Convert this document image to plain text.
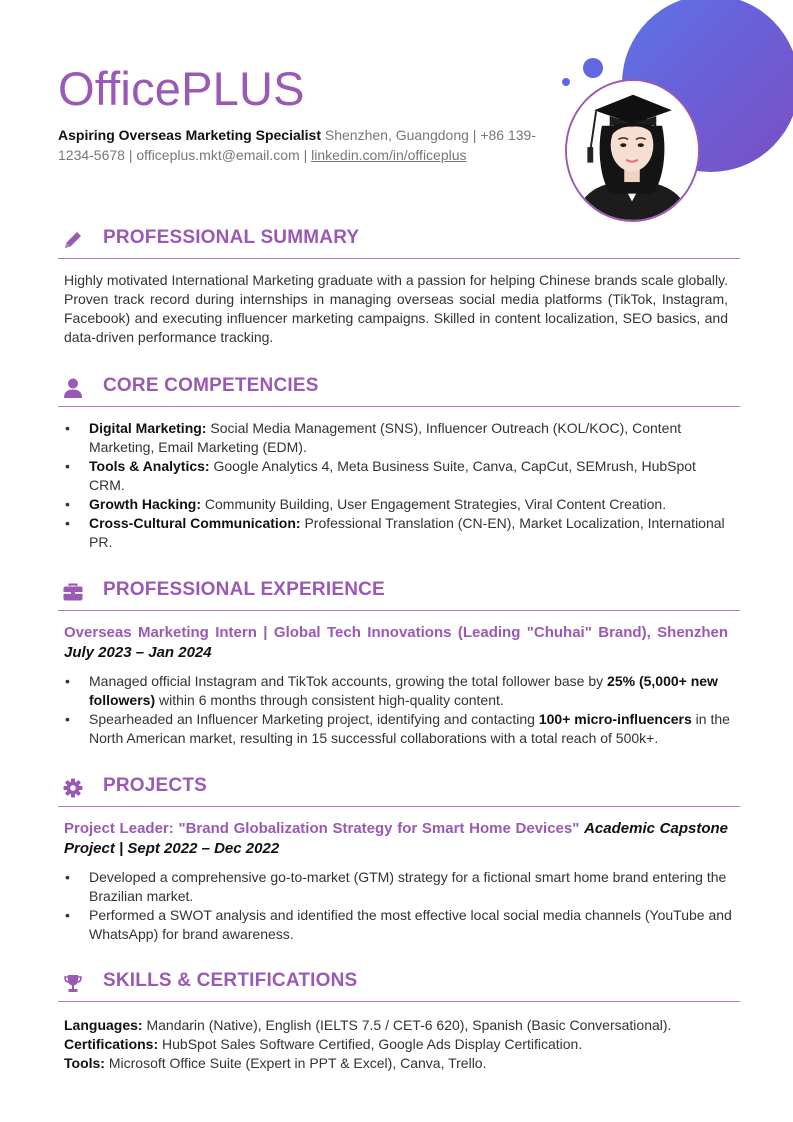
OfficePLUS
Aspiring Overseas Marketing Specialist Shenzhen, Guangdong | +86 139-1234-5678 | officeplus.mkt@email.com | linkedin.com/in/officeplus
PROFESSIONAL SUMMARY
Highly motivated International Marketing graduate with a passion for helping Chinese brands scale globally. Proven track record during internships in managing overseas social media platforms (TikTok, Instagram, Facebook) and executing influencer marketing campaigns. Skilled in content localization, SEO basics, and data-driven performance tracking.
CORE COMPETENCIES
• Digital Marketing: Social Media Management (SNS), Influencer Outreach (KOL/KOC), Content Marketing, Email Marketing (EDM).
• Tools & Analytics: Google Analytics 4, Meta Business Suite, Canva, CapCut, SEMrush, HubSpot CRM.
• Growth Hacking: Community Building, User Engagement Strategies, Viral Content Creation.
• Cross-Cultural Communication: Professional Translation (CN-EN), Market Localization, International PR.
PROFESSIONAL EXPERIENCE
Overseas Marketing Intern | Global Tech Innovations (Leading "Chuhai" Brand), Shenzhen July 2023 – Jan 2024
• Managed official Instagram and TikTok accounts, growing the total follower base by 25% (5,000+ new followers) within 6 months through consistent high-quality content.
• Spearheaded an Influencer Marketing project, identifying and contacting 100+ micro-influencers in the North American market, resulting in 15 successful collaborations with a total reach of 500k+.
PROJECTS
Project Leader: "Brand Globalization Strategy for Smart Home Devices" Academic Capstone Project | Sept 2022 – Dec 2022
• Developed a comprehensive go-to-market (GTM) strategy for a fictional smart home brand entering the Brazilian market.
• Performed a SWOT analysis and identified the most effective local social media channels (YouTube and WhatsApp) for brand awareness.
SKILLS & CERTIFICATIONS
Languages: Mandarin (Native), English (IELTS 7.5 / CET-6 620), Spanish (Basic Conversational).
Certifications: HubSpot Sales Software Certified, Google Ads Display Certification.
Tools: Microsoft Office Suite (Expert in PPT & Excel), Canva, Trello.
